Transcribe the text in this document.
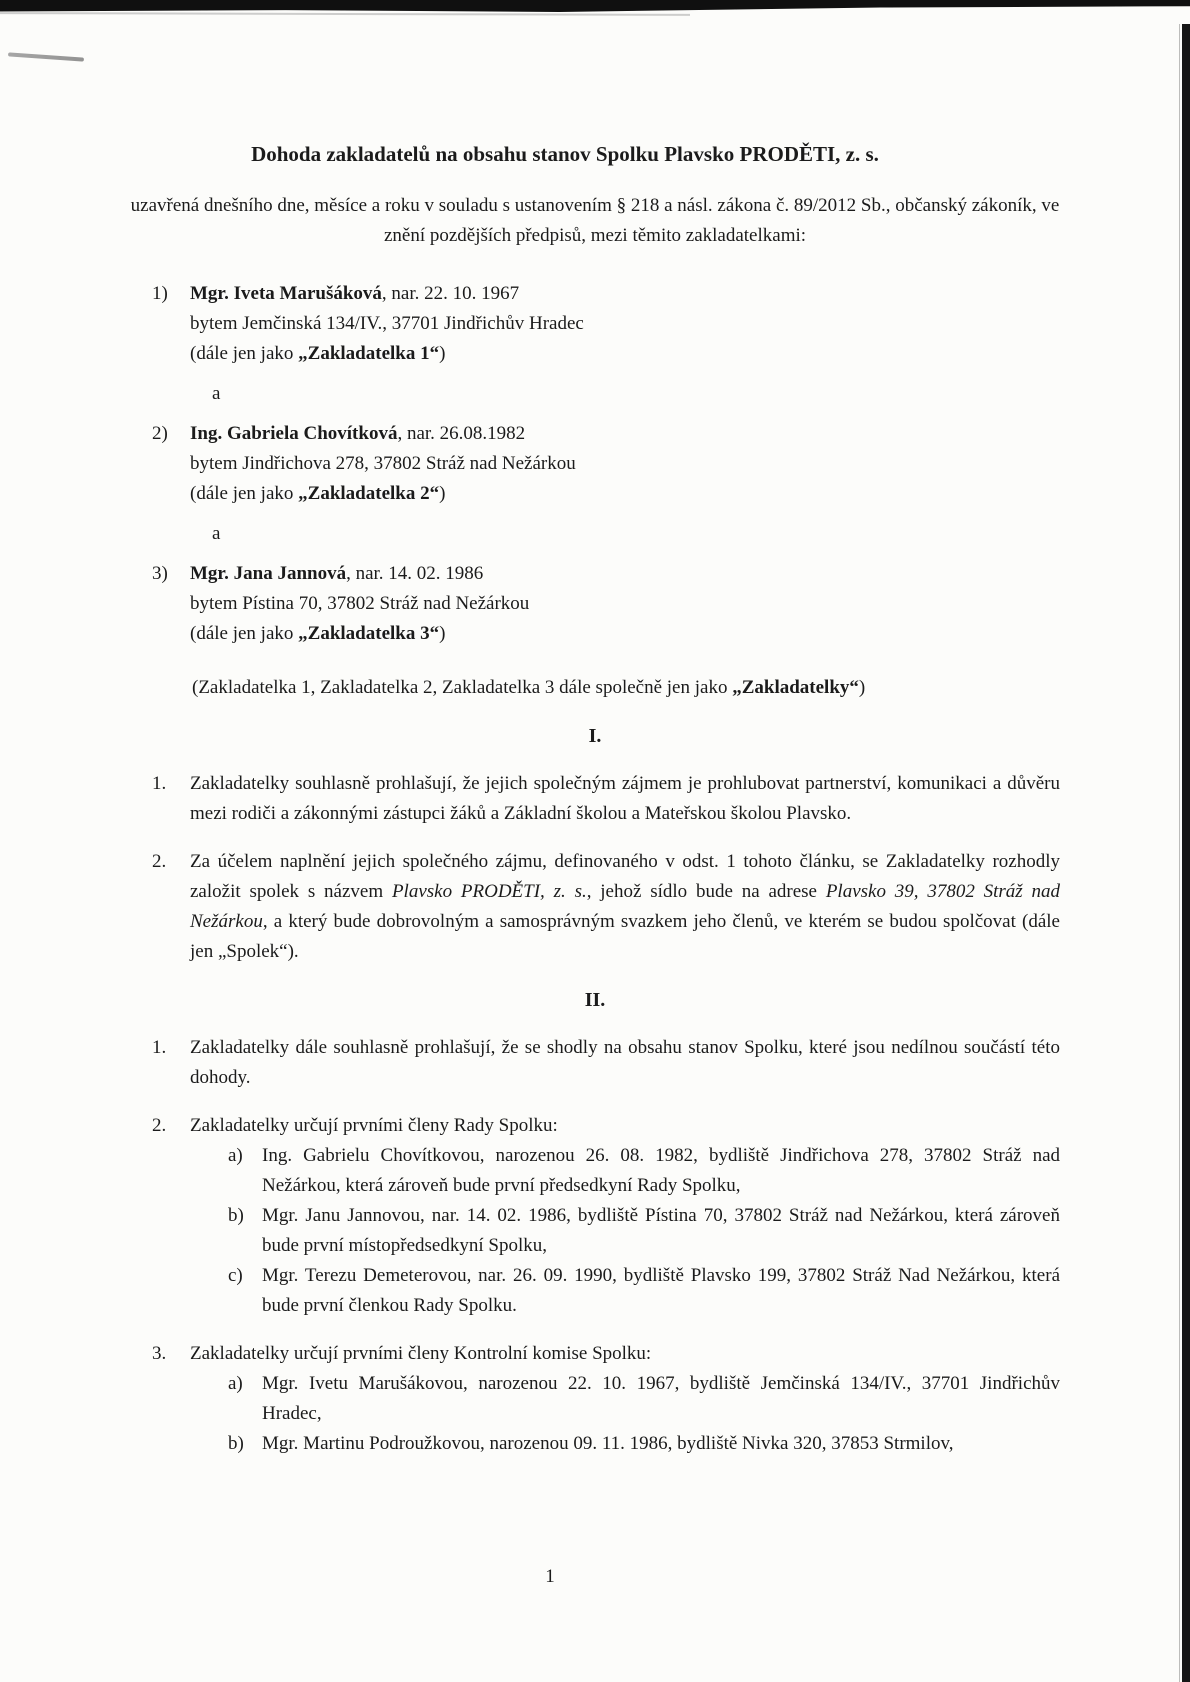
Dohoda zakladatelů na obsahu stanov Spolku Plavsko PRODĚTI, z. s.

uzavřená dnešního dne, měsíce a roku v souladu s ustanovením § 218 a násl. zákona č. 89/2012 Sb., občanský zákoník, ve znění pozdějších předpisů, mezi těmito zakladatelkami:

1)	Mgr. Iveta Marušáková, nar. 22. 10. 1967
bytem Jemčinská 134/IV., 37701 Jindřichův Hradec
(dále jen jako „Zakladatelka 1“)

a

2)	Ing. Gabriela Chovítková, nar. 26.08.1982
bytem Jindřichova 278, 37802 Stráž nad Nežárkou
(dále jen jako „Zakladatelka 2“)

a

3)	Mgr. Jana Jannová, nar. 14. 02. 1986
bytem Pístina 70, 37802 Stráž nad Nežárkou
(dále jen jako „Zakladatelka 3“)

(Zakladatelka 1, Zakladatelka 2, Zakladatelka 3 dále společně jen jako „Zakladatelky“)

I.
1.	Zakladatelky souhlasně prohlašují, že jejich společným zájmem je prohlubovat partnerství, komunikaci a důvěru mezi rodiči a zákonnými zástupci žáků a Základní školou a Mateřskou školou Plavsko.
2.	Za účelem naplnění jejich společného zájmu, definovaného v odst. 1 tohoto článku, se Zakladatelky rozhodly založit spolek s názvem Plavsko PRODĚTI, z. s., jehož sídlo bude na adrese Plavsko 39, 37802 Stráž nad Nežárkou, a který bude dobrovolným a samosprávným svazkem jeho členů, ve kterém se budou spolčovat (dále jen „Spolek“).
II.
1.	Zakladatelky dále souhlasně prohlašují, že se shodly na obsahu stanov Spolku, které jsou nedílnou součástí této dohody.
2.	Zakladatelky určují prvními členy Rady Spolku:
a)	Ing. Gabrielu Chovítkovou, narozenou 26. 08. 1982, bydliště Jindřichova 278, 37802 Stráž nad Nežárkou, která zároveň bude první předsedkyní Rady Spolku,
b) Mgr. Janu Jannovou, nar. 14. 02. 1986, bydliště Pístina 70, 37802 Stráž nad Nežárkou, která zároveň bude první místopředsedkyní Spolku,
c)	Mgr. Terezu Demeterovou, nar. 26. 09. 1990, bydliště Plavsko 199, 37802 Stráž Nad Nežárkou, která bude první členkou Rady Spolku.
3.	Zakladatelky určují prvními členy Kontrolní komise Spolku:
a)	Mgr. Ivetu Marušákovou, narozenou 22. 10. 1967, bydliště Jemčinská 134/IV., 37701 Jindřichův Hradec,
b) Mgr. Martinu Podroužkovou, narozenou 09. 11. 1986, bydliště Nivka 320, 37853 Strmilov,
1
